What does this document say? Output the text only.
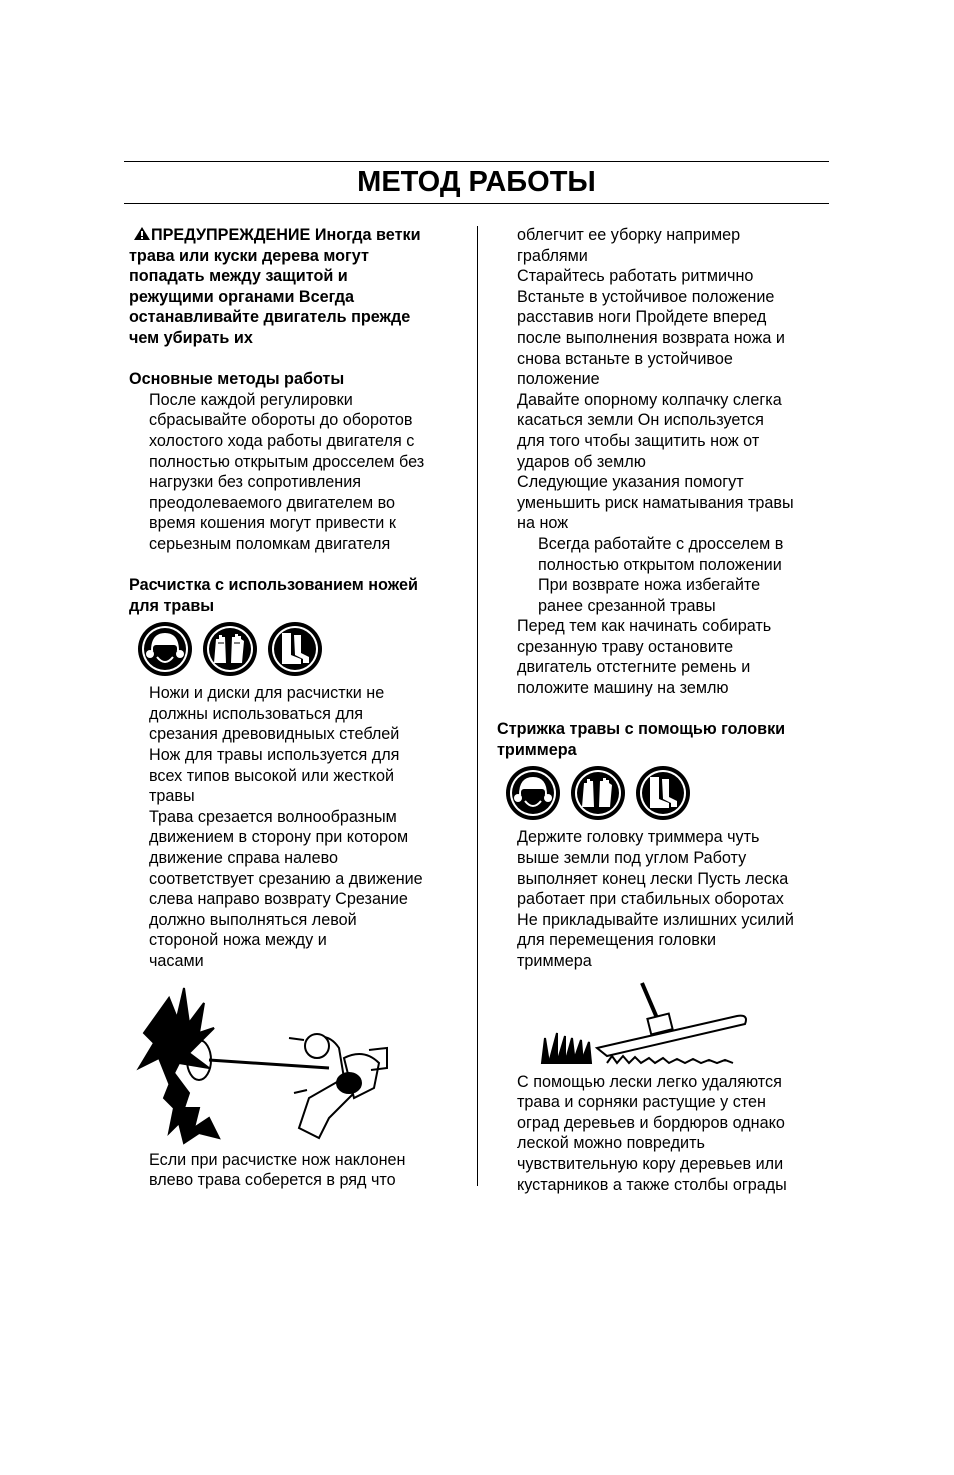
МЕТОД РАБОТЫ

ПРЕДУПРЕЖДЕНИЕ Иногда ветки

трава или куски дерева могут

попадать между защитой и

режущими органами Всегда

останавливайте двигатель прежде

чем убирать их

Основные методы работы

После каждой регулировки

сбрасывайте обороты до оборотов

холостого хода работы двигателя с

полностью открытым дросселем без

нагрузки без сопротивления

преодолеваемого двигателем во

время кошения могут привести к

серьезным поломкам двигателя

Расчистка с использованием ножей

для травы

Ножи и диски для расчистки не

должны использоваться для

срезания древовидныых стеблей

Нож для травы используется для

всех типов высокой или жесткой

травы

Трава срезается волнообразным

движением в сторону при котором

движение справа налево

соответствует срезанию а движение

слева направо возврату Срезание

должно выполняться левой

стороной ножа между и

часами

Если при расчистке нож наклонен

влево трава соберется в ряд что

облегчит ее уборку например

граблями

Старайтесь работать ритмично

Встаньте в устойчивое положение

расставив ноги Пройдете вперед

после выполнения возврата ножа и

снова встаньте в устойчивое

положение

Давайте опорному колпачку слегка

касаться земли Он используется

для того чтобы защитить нож от

ударов об землю

Следующие указания помогут

уменьшить риск наматывания травы

на нож

Всегда работайте с дросселем в

полностью открытом положении

При возврате ножа избегайте

ранее срезанной травы

Перед тем как начинать собирать

срезанную траву остановите

двигатель отстегните ремень и

положите машину на землю

Стрижка травы с помощью головки

триммера

Держите головку триммера чуть

выше земли под углом Работу

выполняет конец лески Пусть леска

работает при стабильных оборотах

Не прикладывайте излишних усилий

для перемещения головки

триммера

С помощью лески легко удаляются

трава и сорняки растущие у стен

оград деревьев и бордюров однако

леской можно повредить

чувствительную кору деревьев или

кустарников а также столбы ограды
